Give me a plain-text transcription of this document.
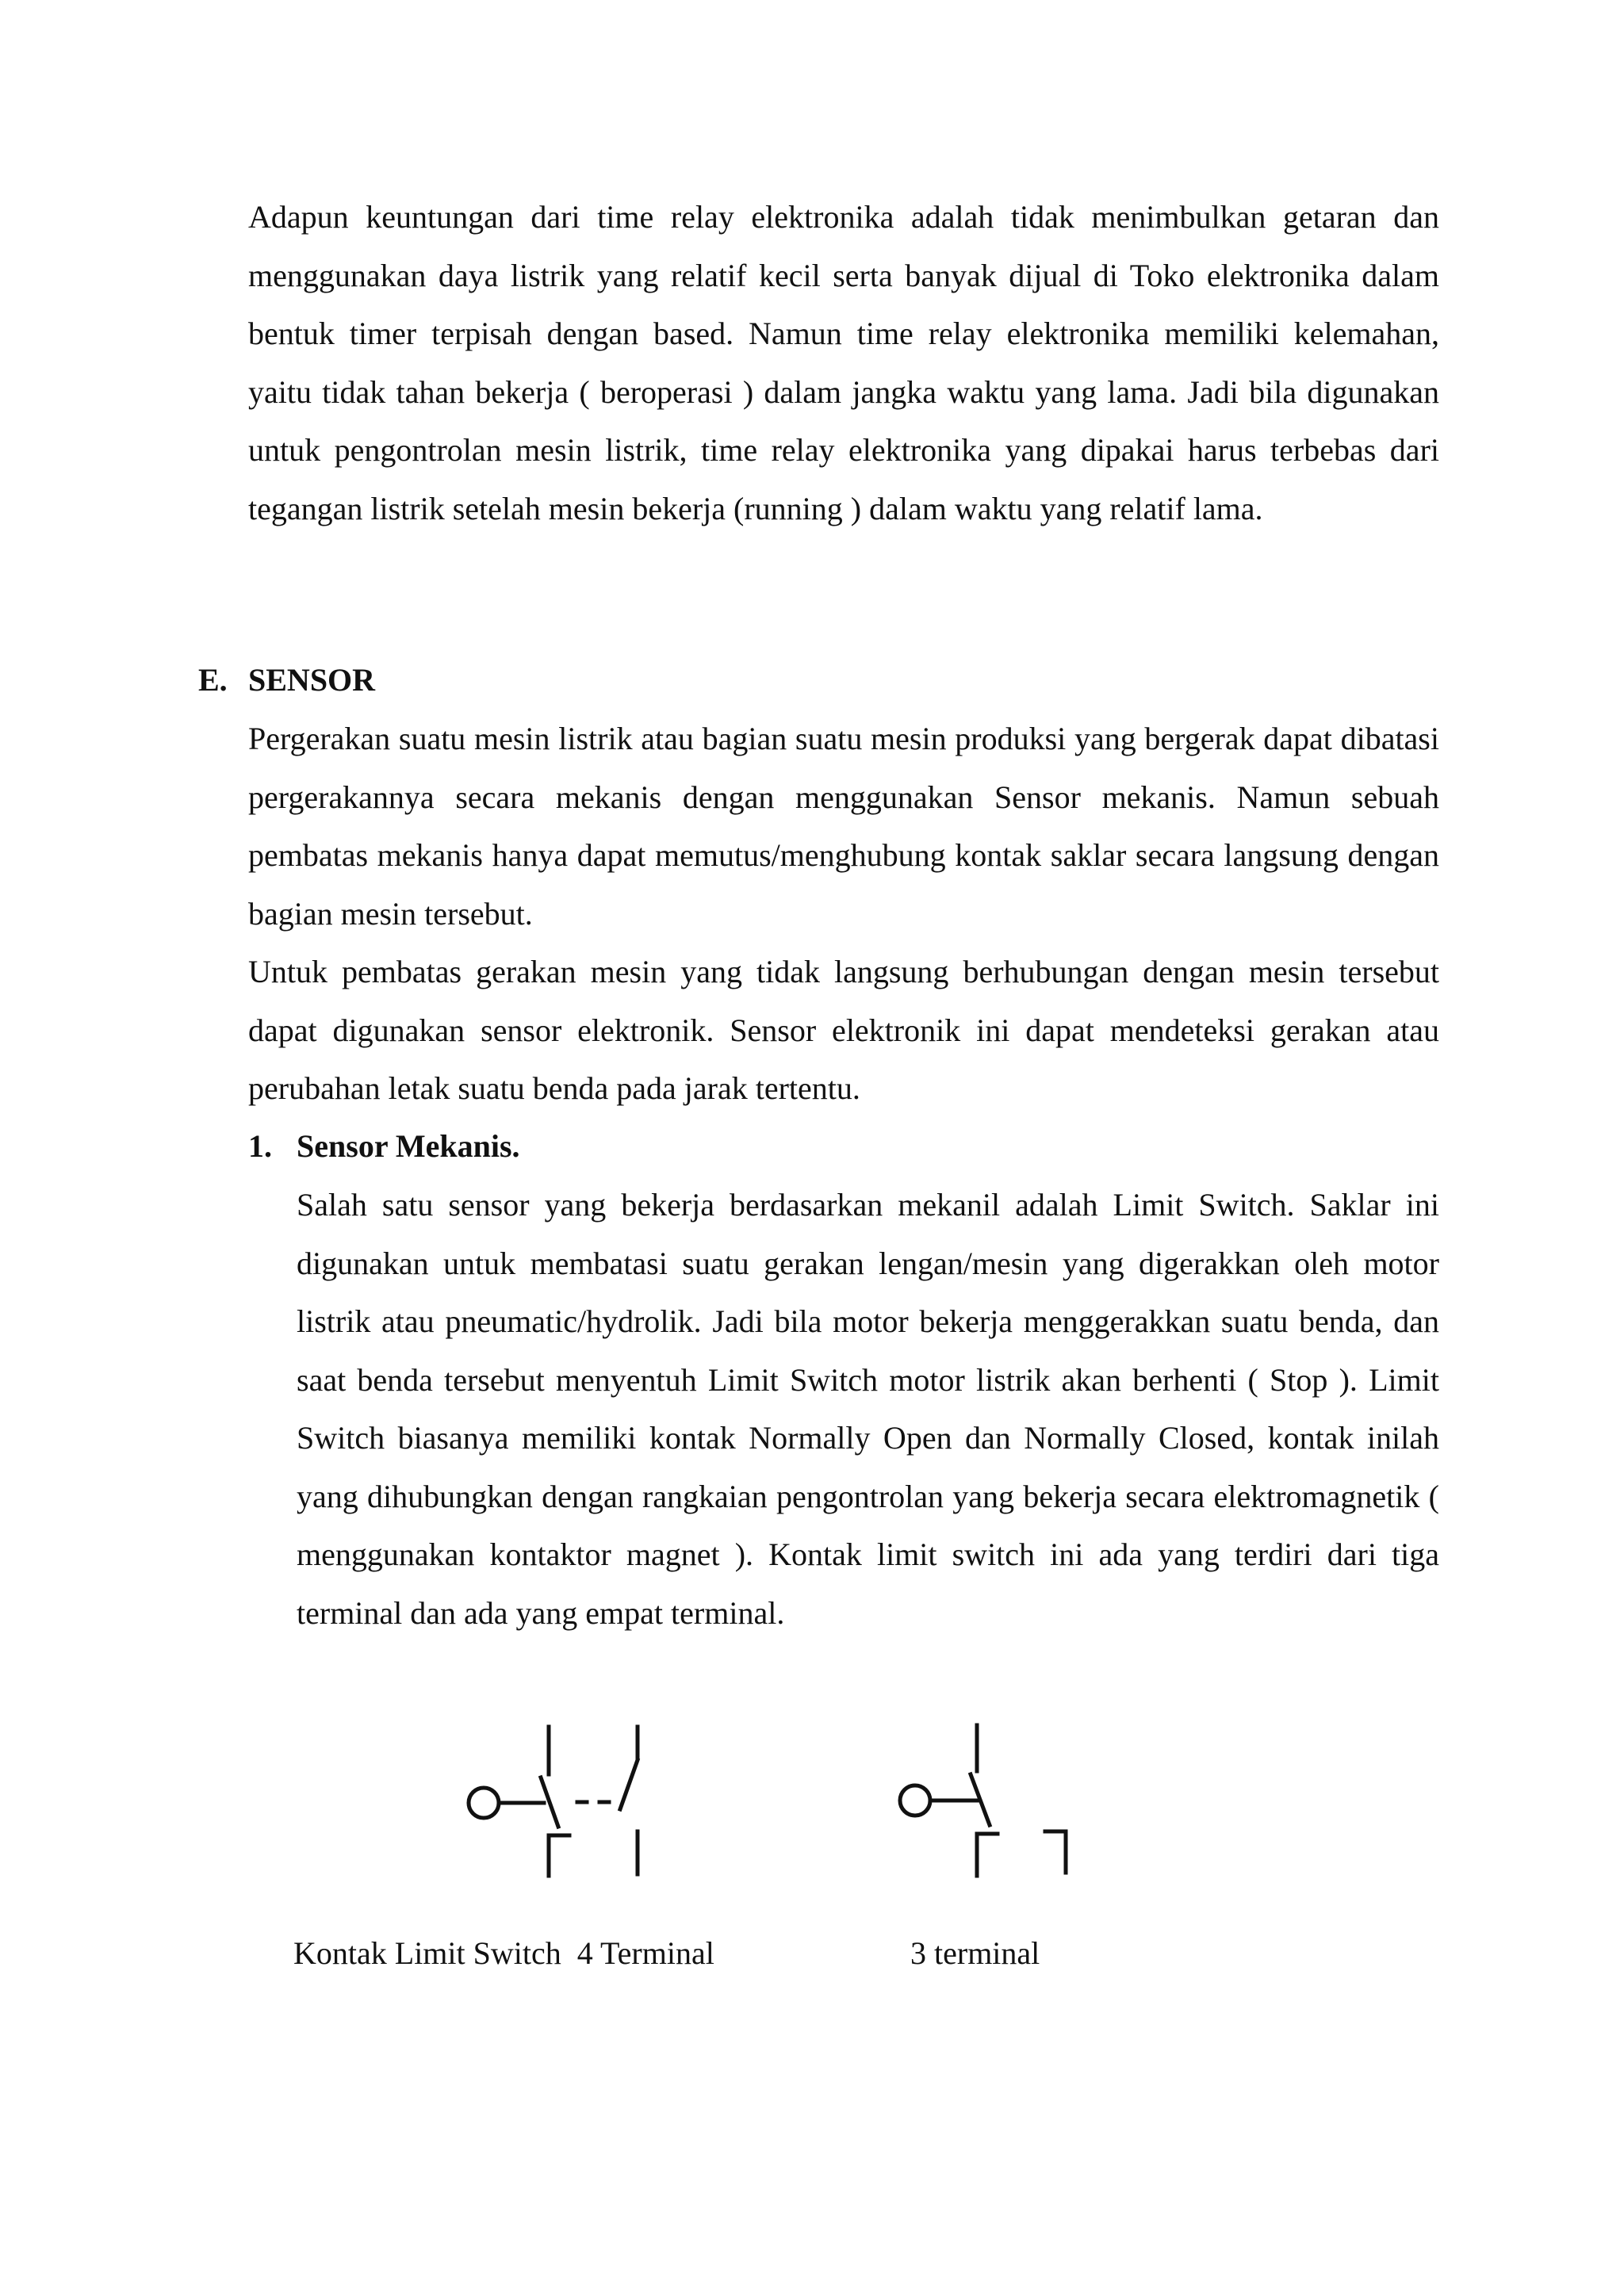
Adapun keuntungan dari time relay elektronika adalah tidak menimbulkan getaran dan menggunakan daya listrik yang relatif kecil serta banyak dijual di Toko elektronika dalam bentuk timer terpisah dengan based. Namun time relay elektronika memiliki kelemahan, yaitu tidak tahan bekerja ( beroperasi ) dalam jangka waktu yang lama. Jadi bila digunakan untuk pengontrolan mesin listrik, time relay elektronika yang dipakai harus terbebas dari tegangan listrik setelah mesin bekerja (running ) dalam waktu yang relatif lama.

E. SENSOR

Pergerakan suatu mesin listrik atau bagian suatu mesin produksi yang bergerak dapat dibatasi pergerakannya secara mekanis dengan menggunakan Sensor mekanis. Namun sebuah pembatas mekanis hanya dapat memutus/menghubung kontak saklar secara langsung dengan bagian mesin tersebut.

Untuk pembatas gerakan mesin yang tidak langsung berhubungan dengan mesin tersebut dapat digunakan sensor elektronik. Sensor elektronik ini dapat mendeteksi gerakan atau perubahan letak suatu benda pada jarak tertentu.

1. Sensor Mekanis.

Salah satu sensor yang bekerja berdasarkan mekanil adalah Limit Switch. Saklar ini digunakan untuk membatasi suatu gerakan lengan/mesin yang digerakkan oleh motor listrik atau pneumatic/hydrolik. Jadi bila motor bekerja menggerakkan suatu benda, dan saat benda tersebut menyentuh Limit Switch motor listrik akan berhenti ( Stop ). Limit Switch biasanya memiliki kontak Normally Open dan Normally Closed, kontak inilah yang dihubungkan dengan rangkaian pengontrolan yang bekerja secara elektromagnetik ( menggunakan kontaktor magnet ). Kontak limit switch ini ada yang terdiri dari tiga terminal dan ada yang empat terminal.

Kontak Limit Switch  4 Terminal	3 terminal
